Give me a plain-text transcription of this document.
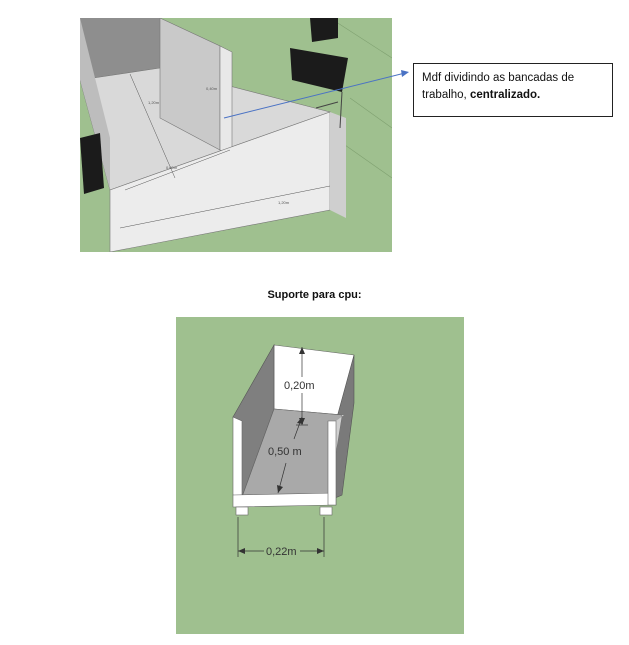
1,20m
0,40m
0,60m
1,20m
Mdf dividindo as bancadas de trabalho, centralizado.
Suporte para cpu:
0,20m
0,50 m
0,22m
